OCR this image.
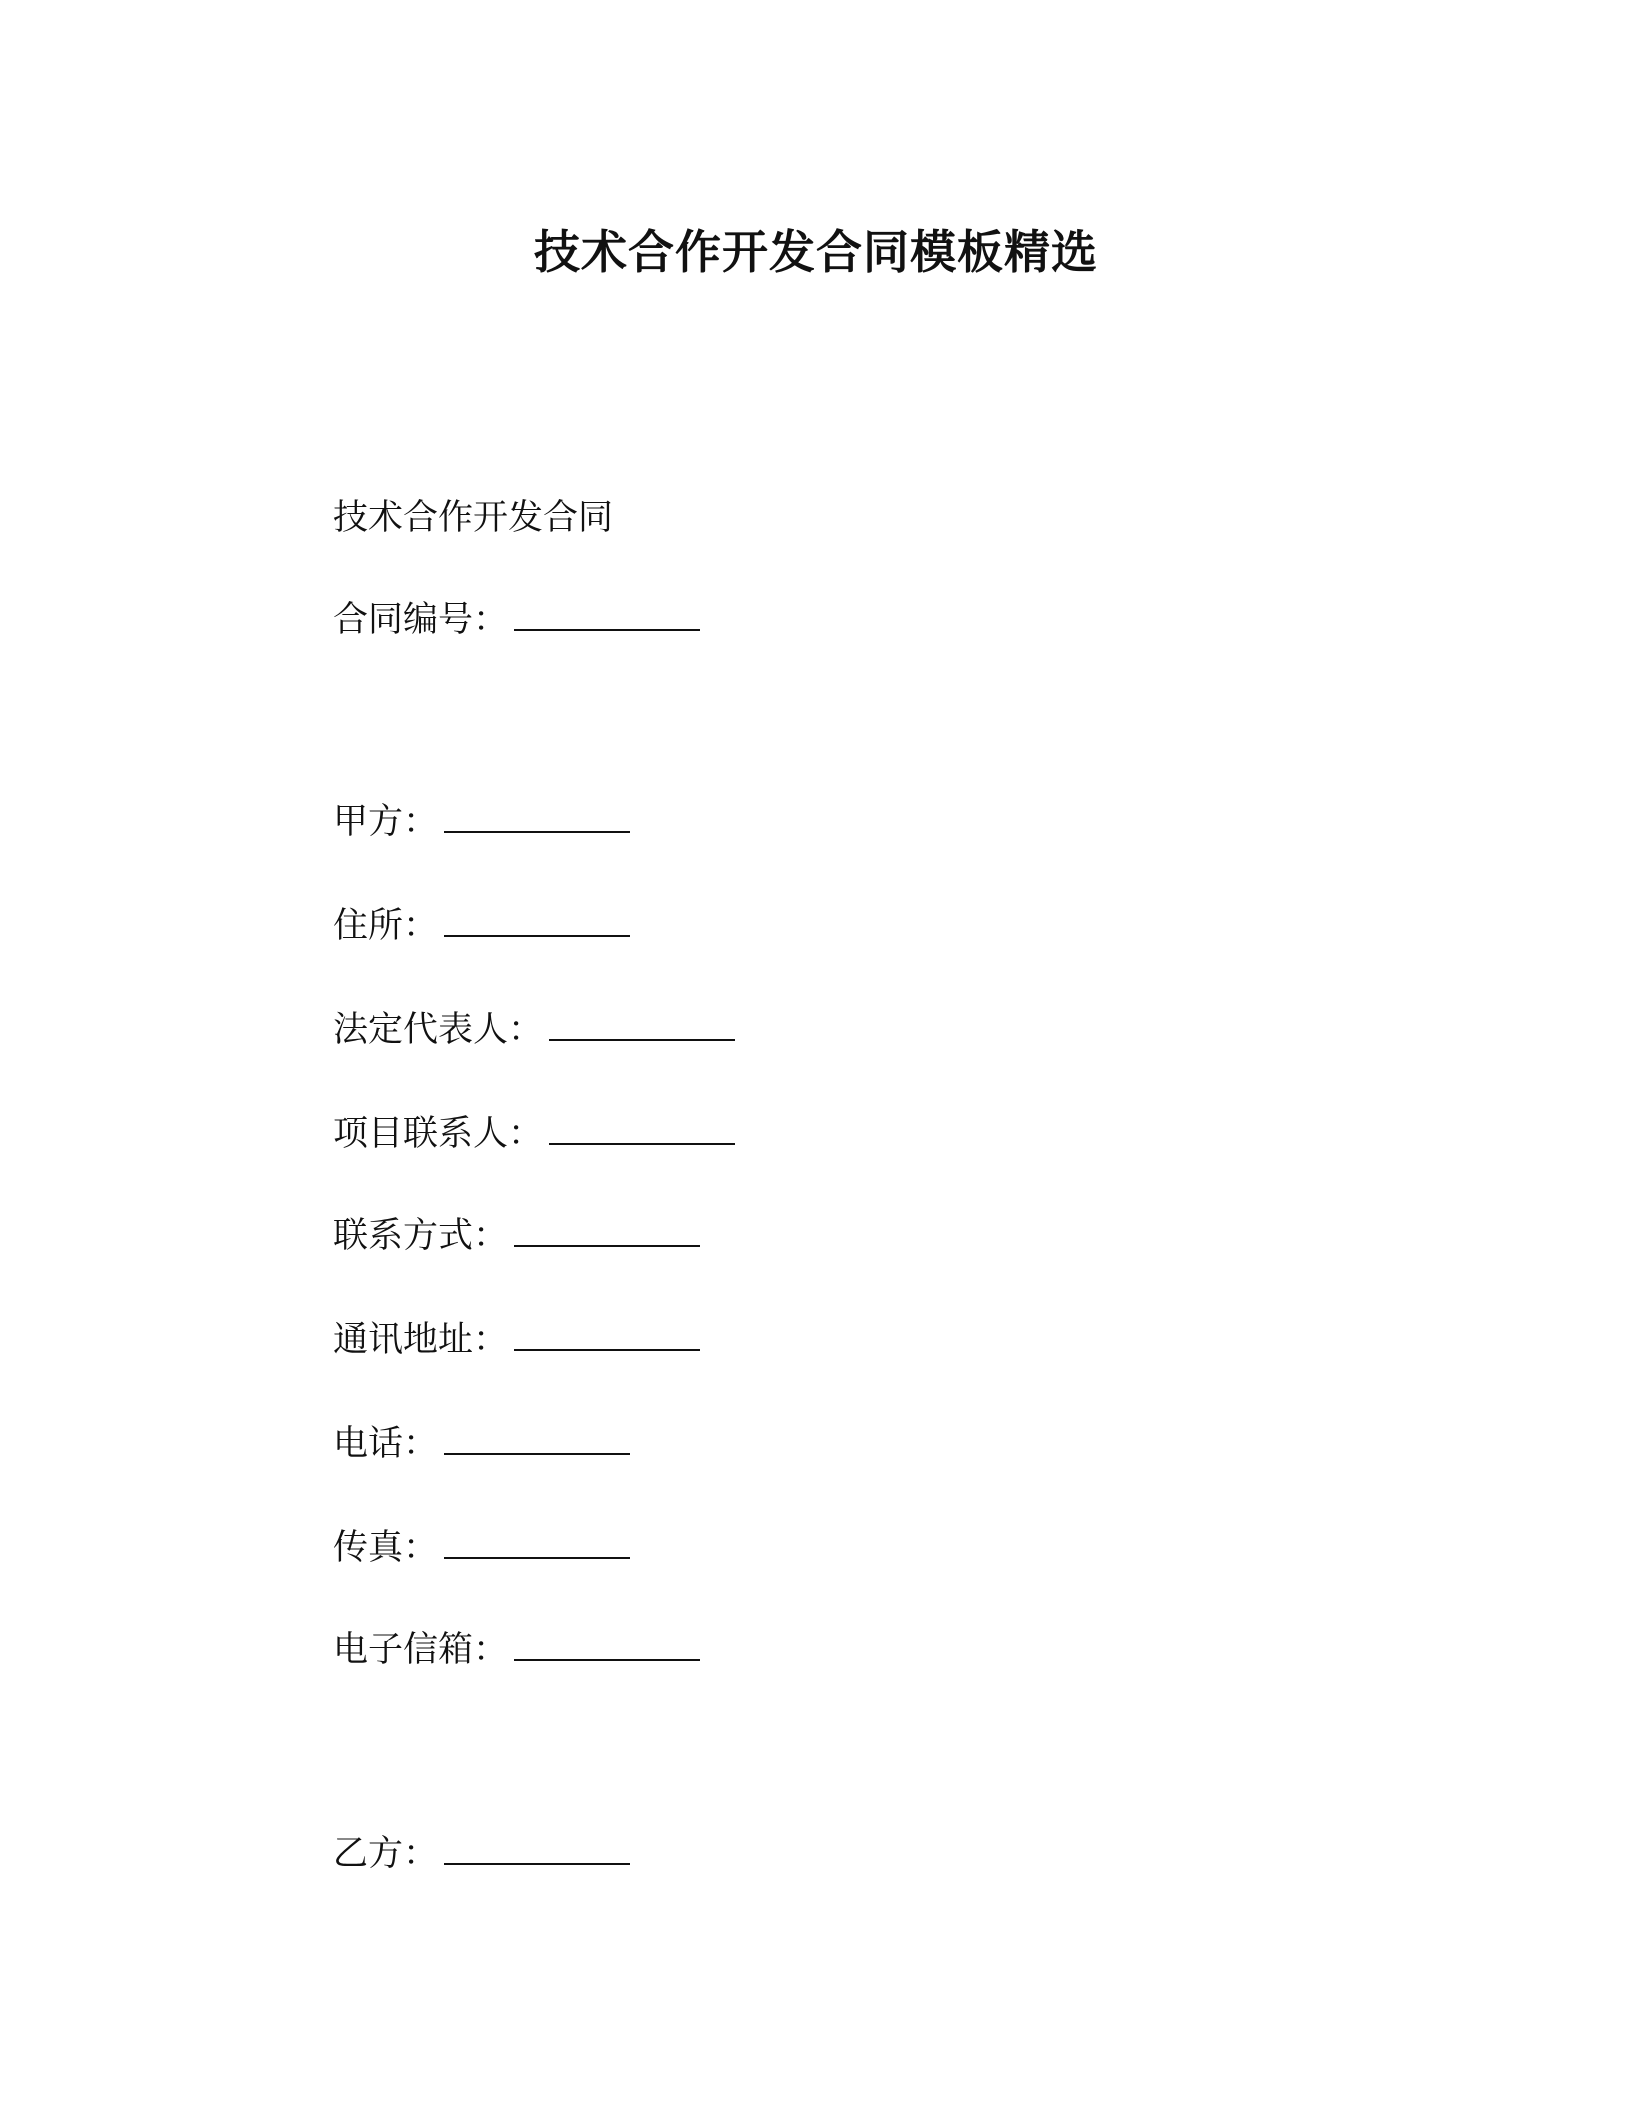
技术合作开发合同模板精选
技术合作开发合同
合同编号：
甲方：
住所：
法定代表人：
项目联系人：
联系方式：
通讯地址：
电话：
传真：
电子信箱：
乙方：
